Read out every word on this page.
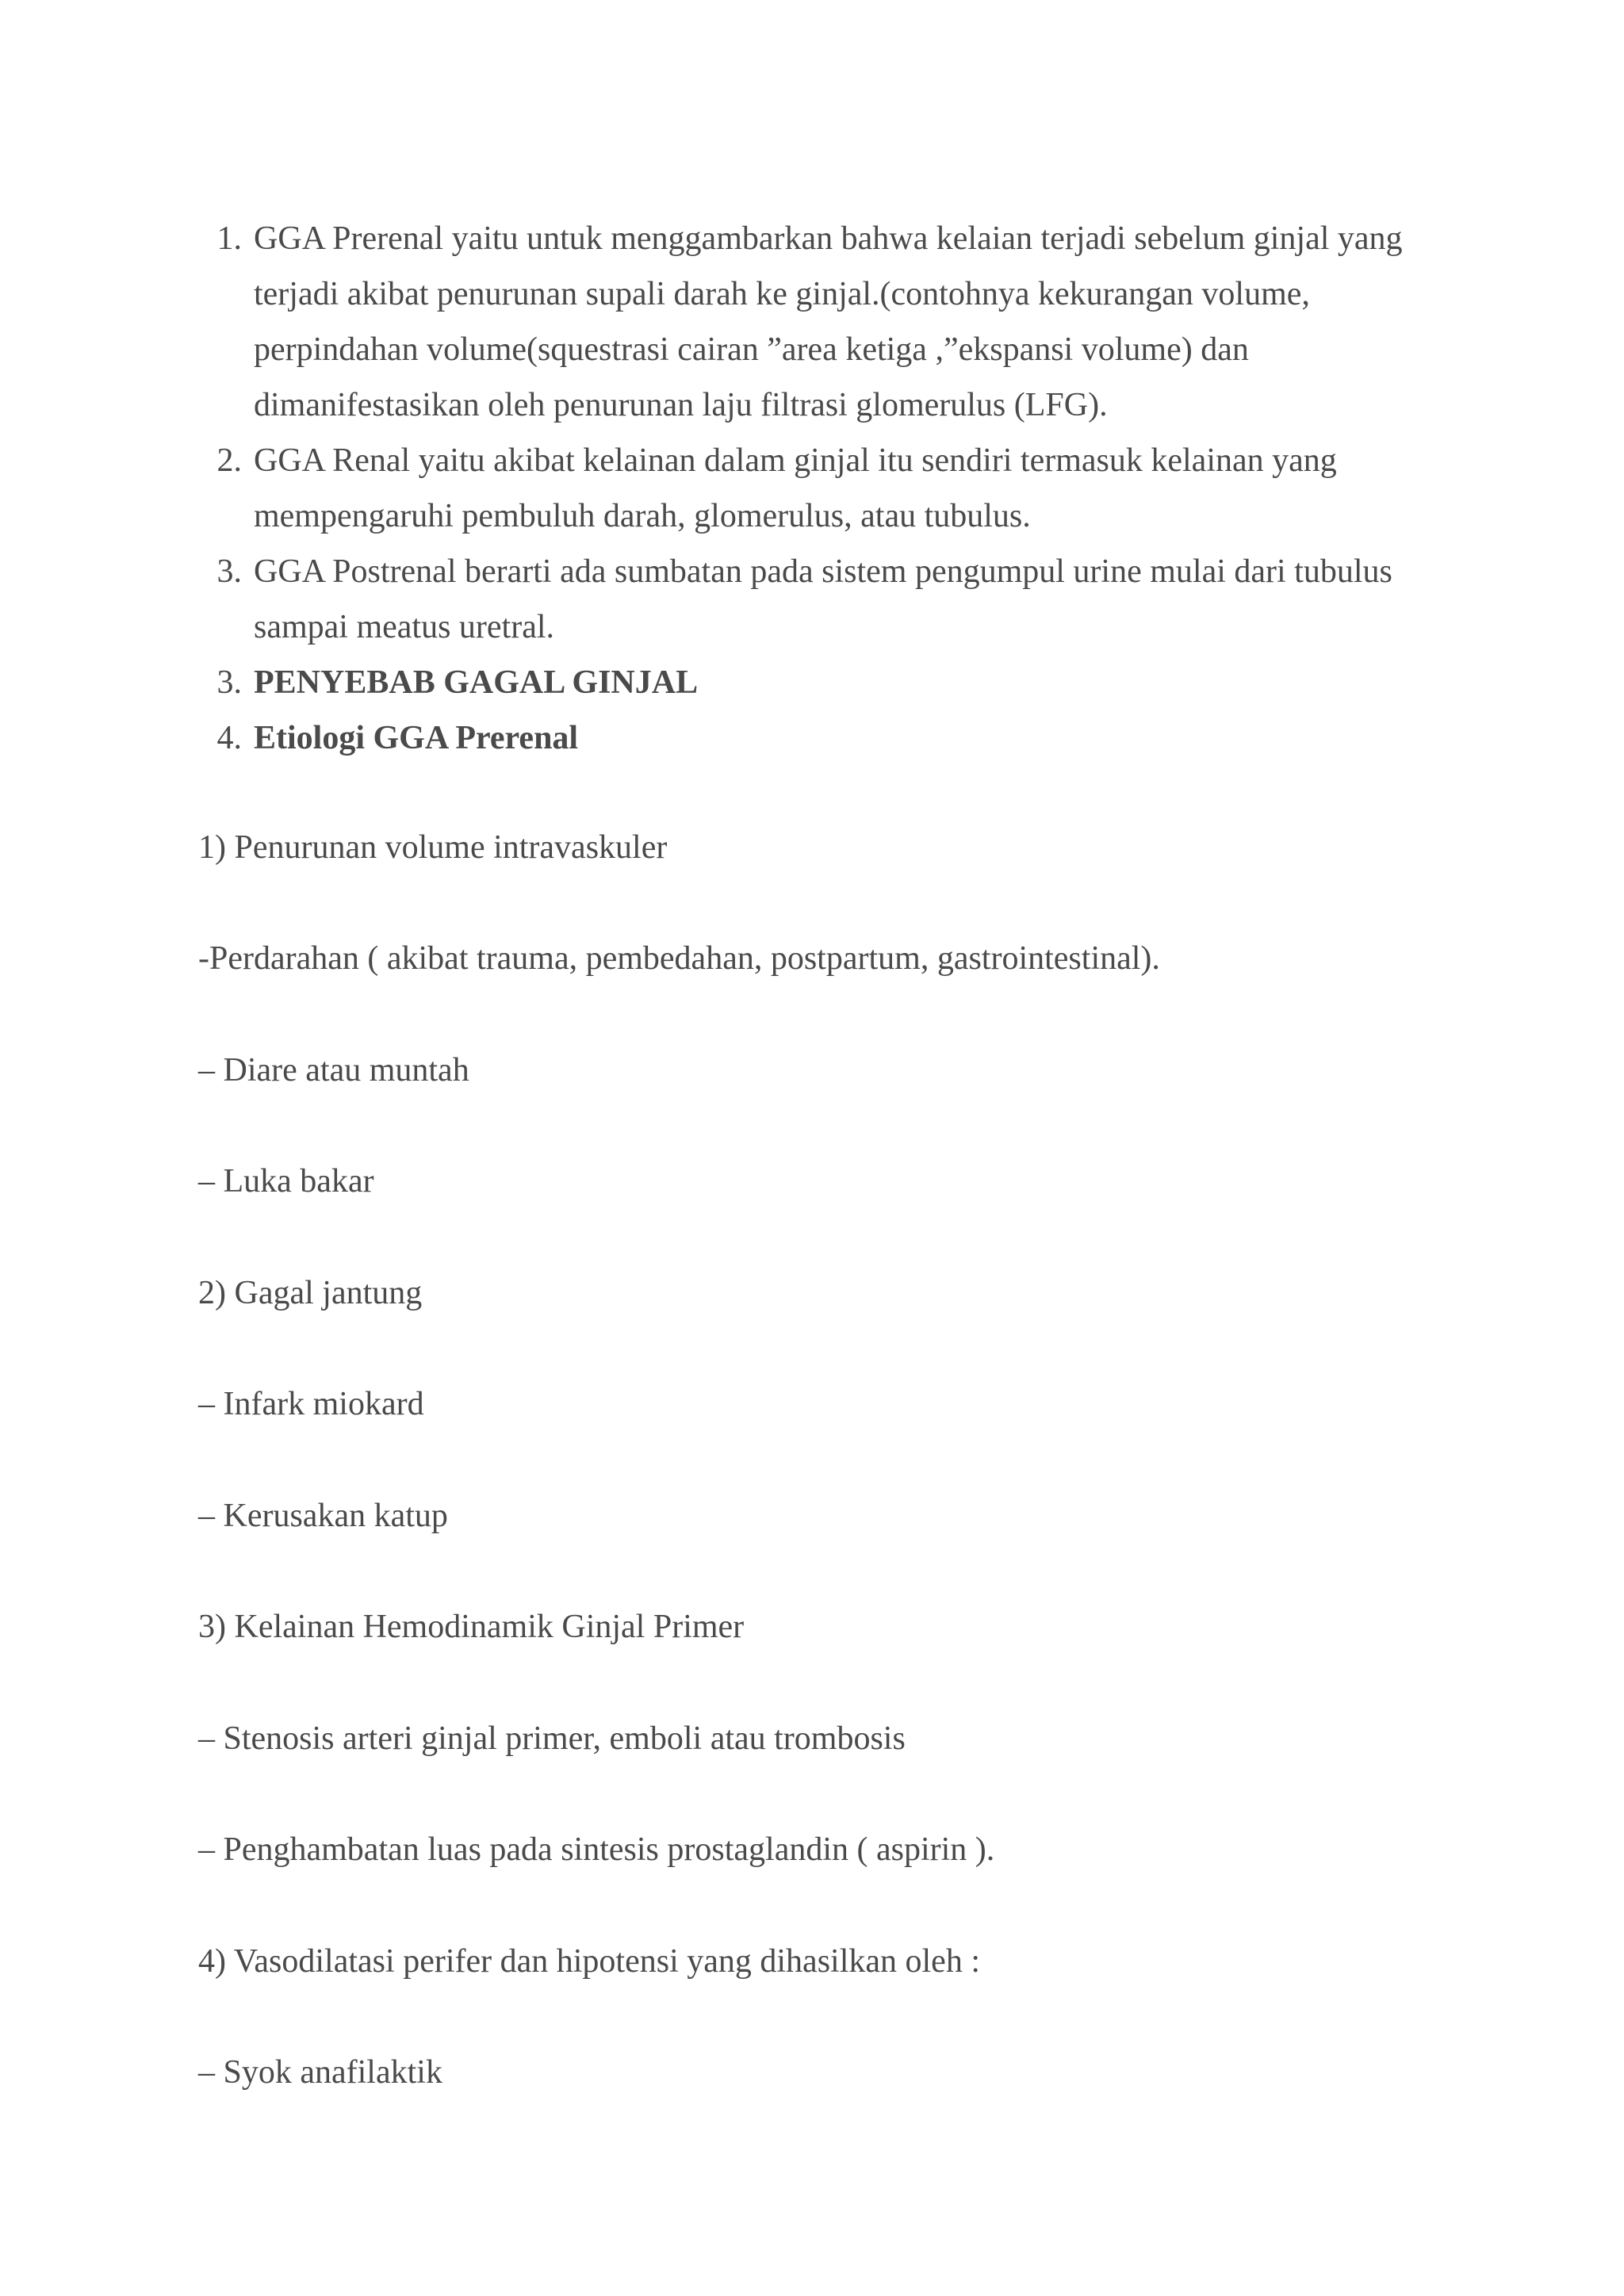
1. GGA Prerenal yaitu untuk menggambarkan bahwa kelaian terjadi sebelum ginjal yang terjadi akibat penurunan supali darah ke ginjal.(contohnya kekurangan volume, perpindahan volume(squestrasi cairan ”area ketiga ,”ekspansi volume) dan dimanifestasikan oleh penurunan laju filtrasi glomerulus (LFG).
2. GGA Renal yaitu akibat kelainan dalam ginjal itu sendiri termasuk kelainan yang mempengaruhi pembuluh darah, glomerulus, atau tubulus.
3. GGA Postrenal berarti ada sumbatan pada sistem pengumpul urine mulai dari tubulus sampai meatus uretral.
3. PENYEBAB GAGAL GINJAL
4. Etiologi GGA Prerenal

1) Penurunan volume intravaskuler

-Perdarahan ( akibat trauma, pembedahan, postpartum, gastrointestinal).

– Diare atau muntah

– Luka bakar

2) Gagal jantung

– Infark miokard

– Kerusakan katup

3) Kelainan Hemodinamik Ginjal Primer

– Stenosis arteri ginjal primer, emboli atau trombosis

– Penghambatan luas pada sintesis prostaglandin ( aspirin ).

4) Vasodilatasi perifer dan hipotensi yang dihasilkan oleh :

– Syok anafilaktik
